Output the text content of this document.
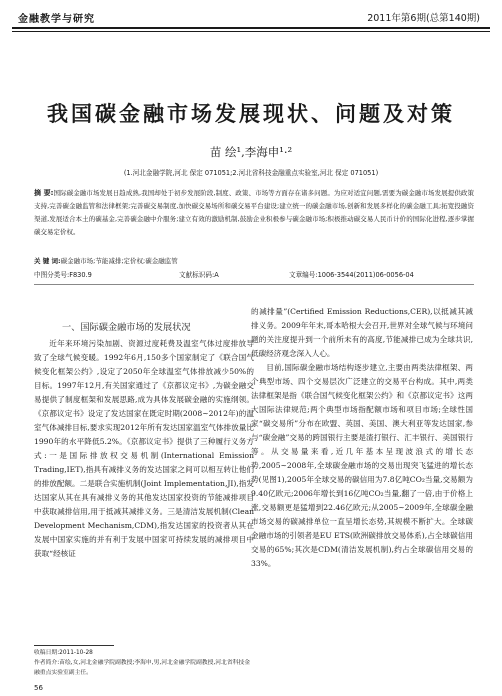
金融教学与研究	2011年第6期(总第140期)
我国碳金融市场发展现状、问题及对策
苗 绘¹,李海申¹·²
(1.河北金融学院,河北 保定 071051;2.河北省科技金融重点实验室,河北 保定 071051)
摘 要:国际碳金融市场发展日趋成熟,我国却处于初步发展阶段,制度、政策、市场等方面存在诸多问题。为应对适宜问题,需要为碳金融市场发展提供政策支持,完善碳金融监管和法律框架;完善碳交易制度,加快碳交易场所和碳交易平台建设;建立统一的碳金融市场,创新和发展多样化的碳金融工具;拓宽投融资渠道,发展适合本土的碳基金,完善碳金融中介服务;建立有效的激励机制,鼓励企业积极参与碳金融市场;积极推动碳交易人民币计价的国际化进程,逐步掌握碳交易定价权。
关 键 词:碳金融市场;节能减排;定价权;碳金融监管
中图分类号:F830.9	文献标识码:A	文章编号:1006-3544(2011)06-0056-04
一、国际碳金融市场的发展状况

近年来环境污染加剧、资源过度耗费及温室气体过度排放导致了全球气候变暖。1992年6月,150多个国家制定了《联合国气候变化框架公约》,设定了2050年全球温室气体排放减少50%的目标。1997年12月,有关国家通过了《京都议定书》,为碳金融交易提供了制度框架和发展思路,成为具体发展碳金融的实施纲领。《京都议定书》设定了发达国家在既定时期(2008~2012年)的温室气体减排目标,要求实现2012年所有发达国家温室气体排放量比1990年的水平降低5.2%。《京都议定书》提供了三种履行义务方式:一是国际排放权交易机制(International Emission Trading,IET),指具有减排义务的发达国家之间可以相互转让他们的排放配额。二是联合实施机制(Joint Implementation,JI),指发达国家从其在具有减排义务的其他发达国家投资的节能减排项目中获取减排信用,用于抵减其减排义务。三是清洁发展机制(Clean Development Mechanism,CDM),指发达国家的投资者从其在发展中国家实施的并有利于发展中国家可持续发展的减排项目中获取“经核证

的减排量”(Certified Emission Reductions,CER),以抵减其减排义务。2009年年末,哥本哈根大会召开,世界对全球气候与环境问题的关注度提升到一个前所未有的高度,节能减排已成为全球共识,低碳经济观念深入人心。

目前,国际碳金融市场结构逐步建立,主要由两类法律框架、两个典型市场、四个交易层次广泛建立的交易平台构成。其中,两类法律框架是指《联合国气候变化框架公约》和《京都议定书》这两大国际法律规范;两个典型市场指配额市场和项目市场;全球性国家“碳交易所”分布在欧盟、英国、美国、澳大利亚等发达国家,参与“碳金融”交易的跨国银行主要是渣打银行、汇丰银行、美国银行等。从交易量来看,近几年基本呈现波浪式的增长态势,2005~2008年,全球碳金融市场的交易出现突飞猛进的增长态势(见图1),2005年全球交易的碳信用为7.8亿吨CO₂当量,交易额为9.40亿欧元;2006年增长到16亿吨CO₂当量,翻了一倍,由于价格上涨,交易额更是猛增到22.46亿欧元;从2005~2009年,全球碳金融市场交易的碳减排单位一直呈增长态势,其规模不断扩大。全球碳金融市场的引领者是EU ETS(欧洲碳排放交易体系),占全球碳信用交易的65%;其次是CDM(清洁发展机制),约占全球碳信用交易的33%。

收稿日期:2011-10-28
作者简介:苗绘,女,河北金融学院副教授;李海申,男,河北金融学院副教授,河北省科技金融重点实验室副主任。
56
